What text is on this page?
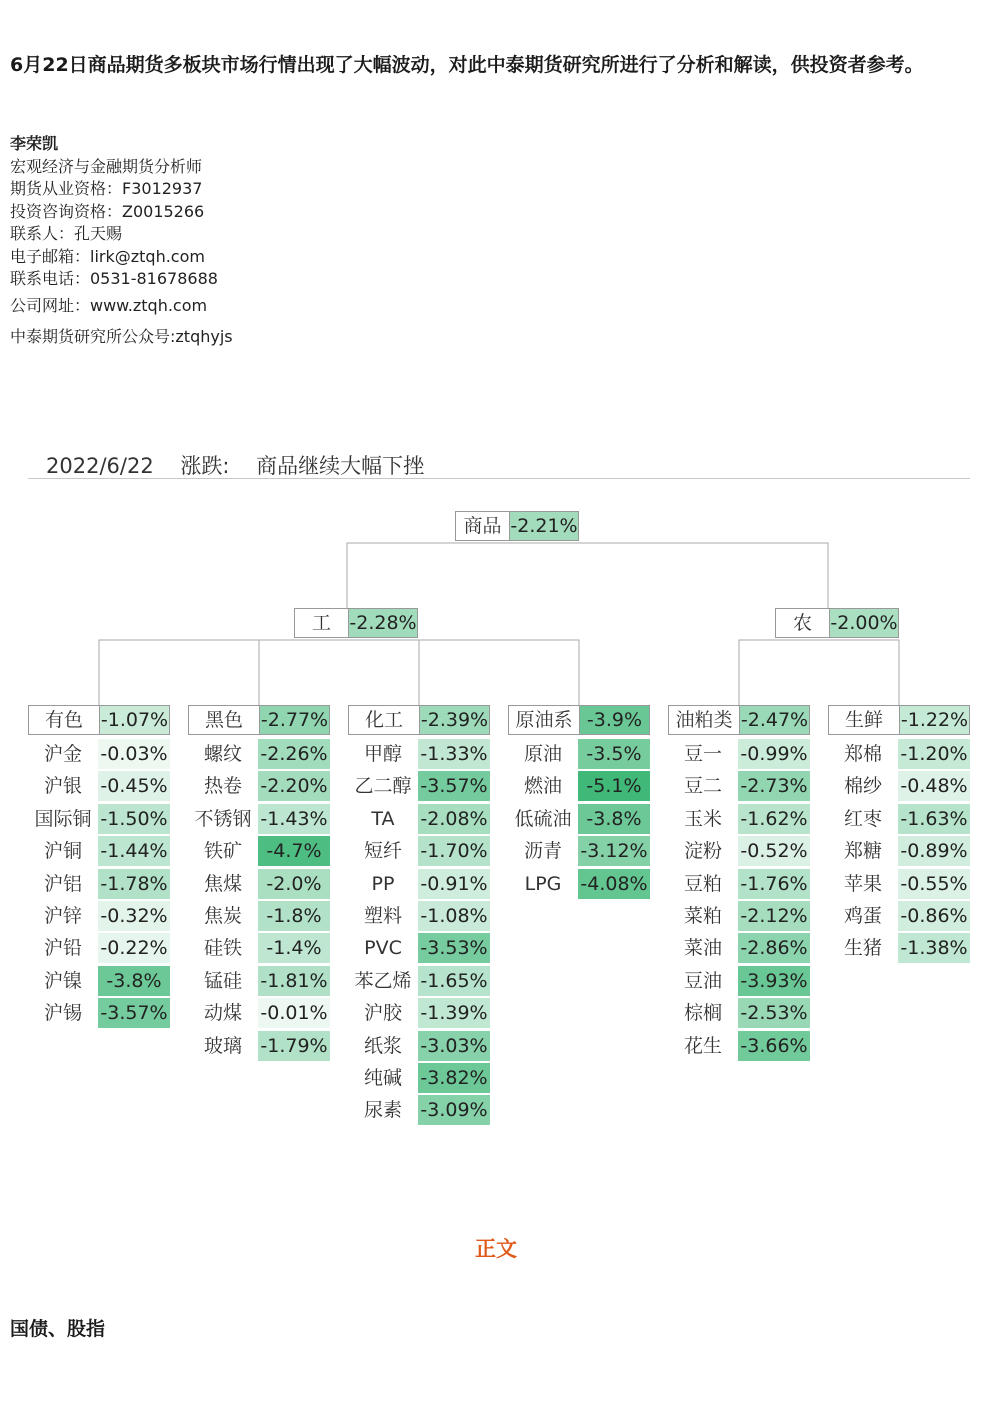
6月22日商品期货多板块市场行情出现了大幅波动，对此中泰期货研究所进行了分析和解读，供投资者参考。
李荣凯
宏观经济与金融期货分析师
期货从业资格：F3012937
投资咨询资格：Z0015266
联系人：孔天赐
电子邮箱：lirk@ztqh.com
联系电话：0531-81678688
公司网址：www.ztqh.com
中泰期货研究所公众号:ztqhyjs
2022/6/22 涨跌: 商品继续大幅下挫
商品 -2.21%
工 -2.28%	农 -2.00%
有色 -1.07%	黑色 -2.77%	化工 -2.39%	原油系 -3.9%	油粕类 -2.47%	生鲜 -1.22%
沪金 -0.03%
沪银 -0.45%
国际铜 -1.50%
沪铜 -1.44%
沪铝 -1.78%
沪锌 -0.32%
沪铅 -0.22%
沪镍	-3.8%
沪锡 -3.57%
螺纹 -2.26%
热卷 -2.20%
不锈钢 -1.43%
铁矿	-4.7%
焦煤	-2.0%
焦炭	-1.8%
硅铁	-1.4%
锰硅 -1.81%
动煤 -0.01%
玻璃 -1.79%
甲醇 -1.33%
乙二醇 -3.57%
TA	-2.08%
短纤 -1.70%
PP	-0.91%
塑料 -1.08%
PVC -3.53%
苯乙烯 -1.65%
沪胶 -1.39%
纸浆 -3.03%
纯碱 -3.82%
尿素 -3.09%
原油	-3.5%
燃油	-5.1%
低硫油 -3.8%
沥青 -3.12%
LPG	-4.08%
豆一 -0.99%
豆二 -2.73%
玉米 -1.62%
淀粉 -0.52%
豆粕 -1.76%
菜粕 -2.12%
菜油 -2.86%
豆油 -3.93%
棕榈 -2.53%
花生 -3.66%
郑棉 -1.20%
棉纱 -0.48%
红枣 -1.63%
郑糖 -0.89%
苹果 -0.55%
鸡蛋 -0.86%
生猪 -1.38%
正文
国债、股指
